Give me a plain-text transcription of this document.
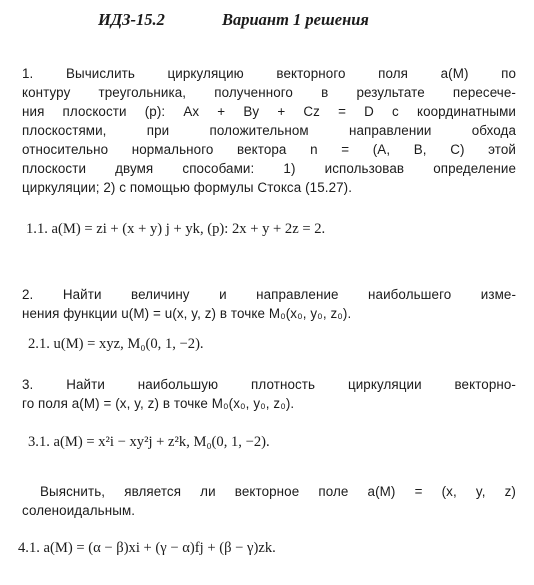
ИДЗ-15.2	Вариант 1 решения
1. Вычислить циркуляцию векторного поля a(M) по
контуру треугольника, полученного в результате пересече-
ния плоскости (p): Ax + By + Cz = D с координатными
плоскостями, при положительном направлении обхода
относительно нормального вектора n = (A, B, C) этой
плоскости двумя способами: 1) использовав определение
циркуляции; 2) с помощью формулы Стокса (15.27).
1.1. a(M) = zi + (x + y) j + yk, (p): 2x + y + 2z = 2.
2. Найти величину и направление наибольшего изме-
нения функции u(M) = u(x, y, z) в точке M₀(x₀, y₀, z₀).
2.1. u(M) = xyz, M₀(0, 1, −2).
3. Найти наибольшую плотность циркуляции векторно-
го поля a(M) = (x, y, z) в точке M₀(x₀, y₀, z₀).
3.1. a(M) = x²i − xy²j + z²k, M₀(0, 1, −2).
Выяснить, является ли векторное поле a(M) = (x, y, z)
соленоидальным.
4.1. a(M) = (α − β)xi + (γ − α)fj + (β − γ)zk.
